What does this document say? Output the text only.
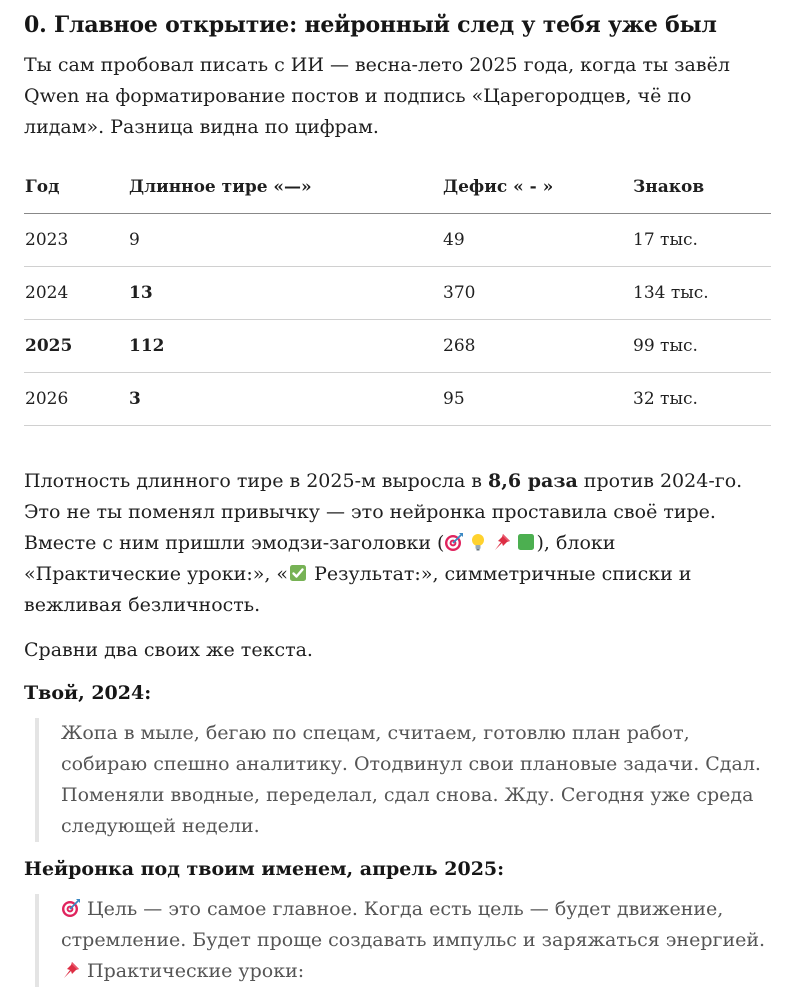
0. Главное открытие: нейронный след у тебя уже был

Ты сам пробовал писать с ИИ — весна-лето 2025 года, когда ты завёл Qwen на форматирование постов и подпись «Царегородцев, чё по лидам». Разница видна по цифрам.

Год	Длинное тире «—»	Дефис « - »	Знаков
2023	9	49	17 тыс.
2024	13	370	134 тыс.
2025	112	268	99 тыс.
2026	3	95	32 тыс.

Плотность длинного тире в 2025-м выросла в 8,6 раза против 2024-го. Это не ты поменял привычку — это нейронка проставила своё тире. Вместе с ним пришли эмодзи-заголовки (	), блоки «Практические уроки:», «
Результат:», симметричные списки и вежливая безличность.

Сравни два своих же текста.

Твой, 2024:
Жопа в мыле, бегаю по спецам, считаем, готовлю план работ, собираю спешно аналитику. Отодвинул свои плановые задачи. Сдал. Поменяли вводные, переделал, сдал снова. Жду. Сегодня уже среда следующей недели.
Нейронка под твоим именем, апрель 2025:
Цель — это самое главное. Когда есть цель — будет движение, стремление. Будет проще создавать импульс и заряжаться энергией.
Практические уроки:
